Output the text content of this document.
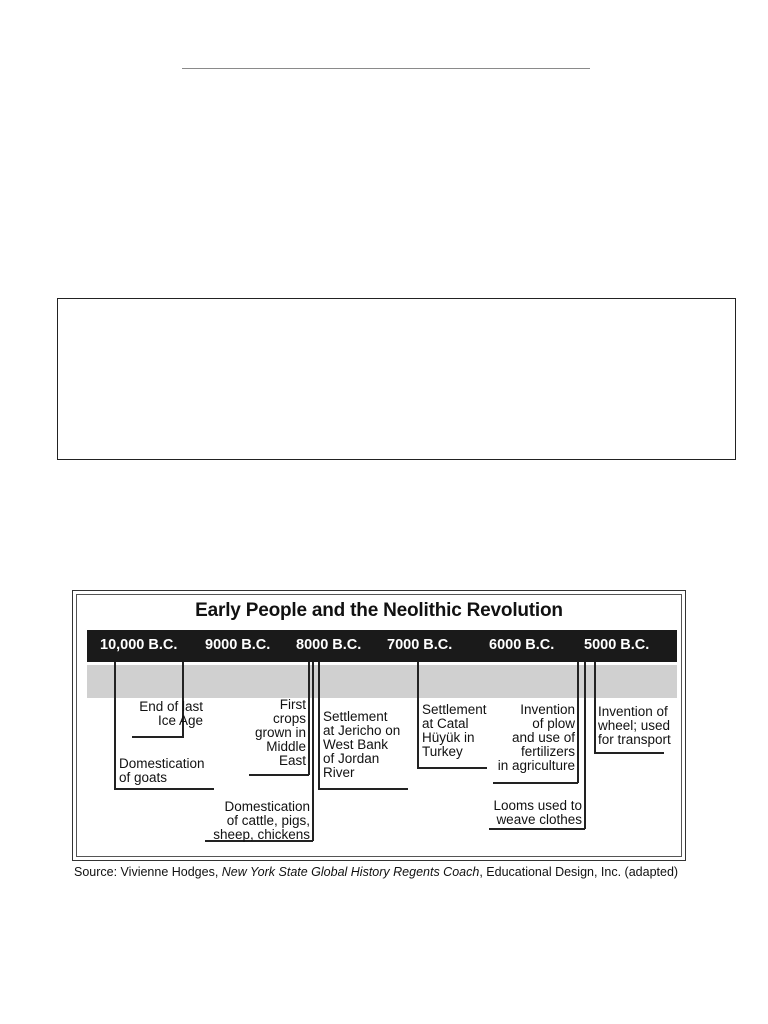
Early People and the Neolithic Revolution
10,000 B.C. 9000 B.C. 8000 B.C. 7000 B.C.	6000 B.C. 5000 B.C.
End of last
Ice Age
Domestication
of goats
First
crops
grown in
Middle
East
Domestication
of cattle, pigs,
sheep, chickens
Settlement
at Jericho on
West Bank
of Jordan
River
Settlement
at Catal
Hüyük in
Turkey
Invention
of plow
and use of
fertilizers
in agriculture
Looms used to
weave clothes
Invention of
wheel; used
for transport
Source: Vivienne Hodges, New York State Global History Regents Coach, Educational Design, Inc. (adapted)
